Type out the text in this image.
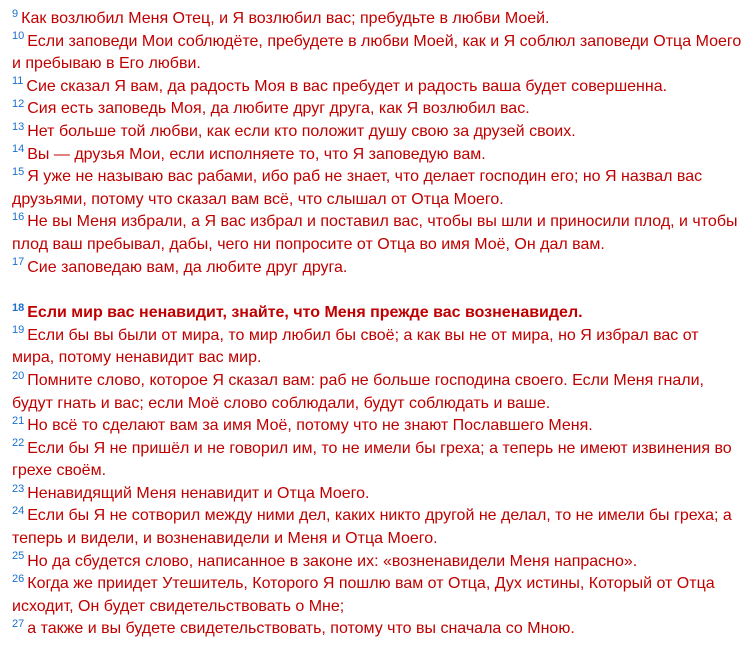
$^9$ Как возлюбил Меня Отец, и Я возлюбил вас; пребудьте в любви Моей.

$^{10}$ Если заповеди Мои соблюдёте, пребудете в любви Моей, как и Я соблюл заповеди Отца Моего и пребываю в Его любви.

$^{11}$ Сие сказал Я вам, да радость Моя в вас пребудет и радость ваша будет совершенна.

$^{12}$ Сия есть заповедь Моя, да любите друг друга, как Я возлюбил вас.

$^{13}$ Нет больше той любви, как если кто положит душу свою за друзей своих.

$^{14}$ Вы — друзья Мои, если исполняете то, что Я заповедую вам.

$^{15}$ Я уже не называю вас рабами, ибо раб не знает, что делает господин его; но Я назвал вас друзьями, потому что сказал вам всё, что слышал от Отца Моего.

$^{16}$ Не вы Меня избрали, а Я вас избрал и поставил вас, чтобы вы шли и приносили плод, и чтобы плод ваш пребывал, дабы, чего ни попросите от Отца во имя Моё, Он дал вам.

$^{17}$ Сие заповедаю вам, да любите друг друга.

$^{18}$ Если мир вас ненавидит, знайте, что Меня прежде вас возненавидел.

$^{19}$ Если бы вы были от мира, то мир любил бы своё; а как вы не от мира, но Я избрал вас от мира, потому ненавидит вас мир.

$^{20}$ Помните слово, которое Я сказал вам: раб не больше господина своего. Если Меня гнали, будут гнать и вас; если Моё слово соблюдали, будут соблюдать и ваше.

$^{21}$ Но всё то сделают вам за имя Моё, потому что не знают Пославшего Меня.

$^{22}$ Если бы Я не пришёл и не говорил им, то не имели бы греха; а теперь не имеют извинения во грехе своём.

$^{23}$ Ненавидящий Меня ненавидит и Отца Моего.

$^{24}$ Если бы Я не сотворил между ними дел, каких никто другой не делал, то не имели бы греха; а теперь и видели, и возненавидели и Меня и Отца Моего.

$^{25}$ Но да сбудется слово, написанное в законе их: «возненавидели Меня напрасно».

$^{26}$ Когда же приидет Утешитель, Которого Я пошлю вам от Отца, Дух истины, Который от Отца исходит, Он будет свидетельствовать о Мне;

$^{27}$ а также и вы будете свидетельствовать, потому что вы сначала со Мною.
